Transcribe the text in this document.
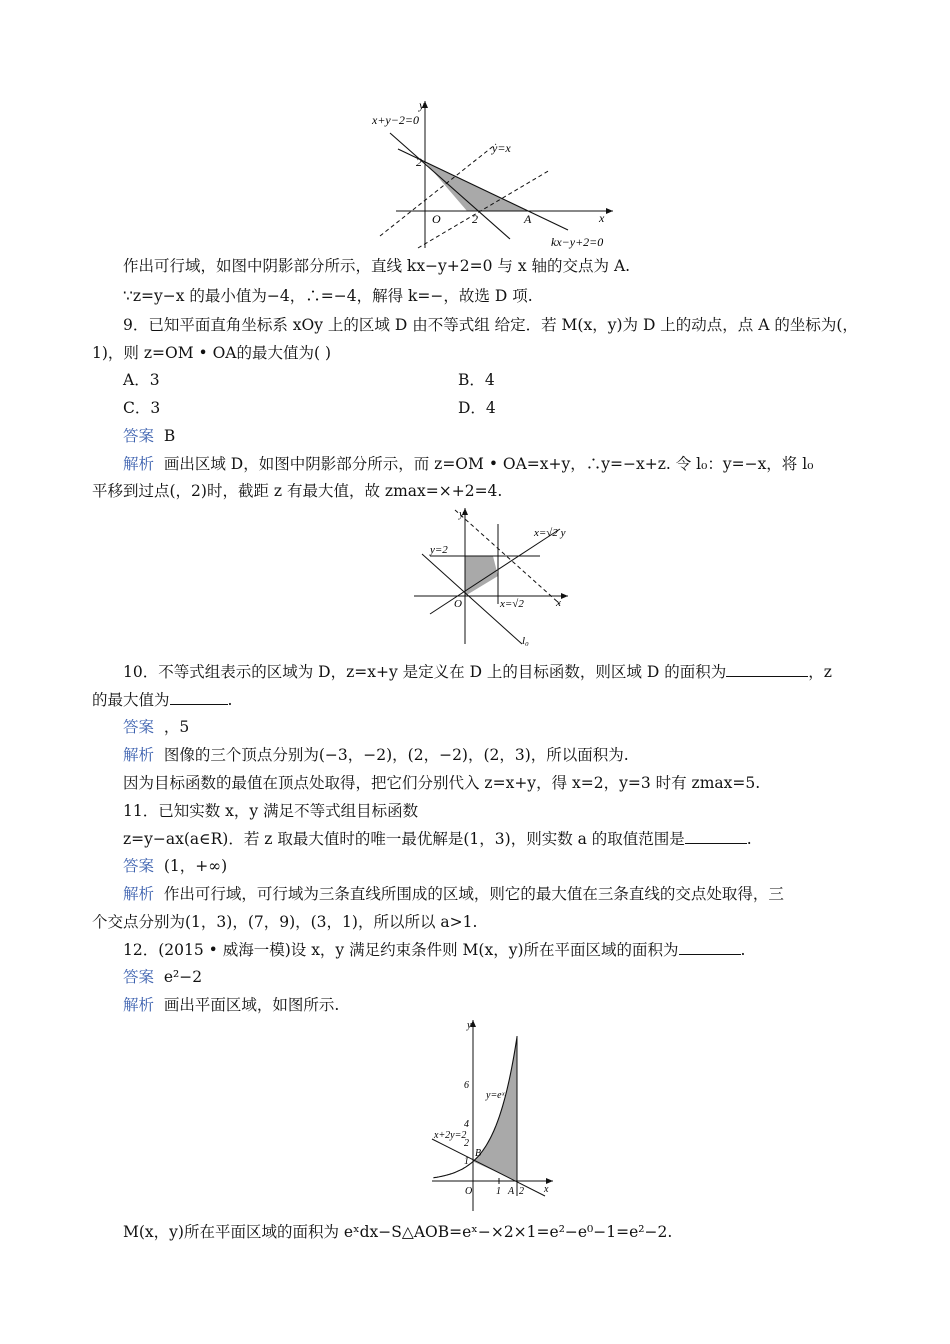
x+y−2=0
y
x
y=x
O
2
2	A
kx−y+2=0
作出可行域，如图中阴影部分所示，直线 kx−y+2=0 与 x 轴的交点为 A.
∵z=y−x 的最小值为−4，∴=−4，解得 k=−，故选 D 项.
9．已知平面直角坐标系 xOy 上的区域 D 由不等式组 给定．若 M(x，y)为 D 上的动点，点 A 的坐标为(，
1)，则 z=OM • OA的最大值为( )
A．3	B．4
C．3	D．4
答案 B
解析 画出区域 D，如图中阴影部分所示，而 z=OM • OA=x+y，∴y=−x+z. 令 l₀：y=−x，将 l₀
平移到过点(，2)时，截距 z 有最大值，故 zmax=×+2=4.
y
x
y=2
x=√2 y
x=√2
O
l₀
10．不等式组表示的区域为 D，z=x+y 是定义在 D 上的目标函数，则区域 D 的面积为	，z
的最大值为	.
答案 ，5
解析 图像的三个顶点分别为(−3，−2)，(2，−2)，(2，3)，所以面积为.
因为目标函数的最值在顶点处取得，把它们分别代入 z=x+y，得 x=2，y=3 时有 zmax=5.
11．已知实数 x，y 满足不等式组目标函数
z=y−ax(a∈R)．若 z 取最大值时的唯一最优解是(1，3)，则实数 a 的取值范围是	.
答案 (1，+∞)
解析 作出可行域，可行域为三条直线所围成的区域，则它的最大值在三条直线的交点处取得，三
个交点分别为(1，3)，(7，9)，(3，1)，所以所以 a>1.
12．(2015 • 威海一模)设 x，y 满足约束条件则 M(x，y)所在平面区域的面积为	.
答案 e²−2
解析 画出平面区域，如图所示.
y
x
6
4
2
1
1 2
y=eˣ
x+2y=2
B
O	A
M(x，y)所在平面区域的面积为 eˣdx−S△AOB=eˣ−×2×1=e²−e⁰−1=e²−2.
